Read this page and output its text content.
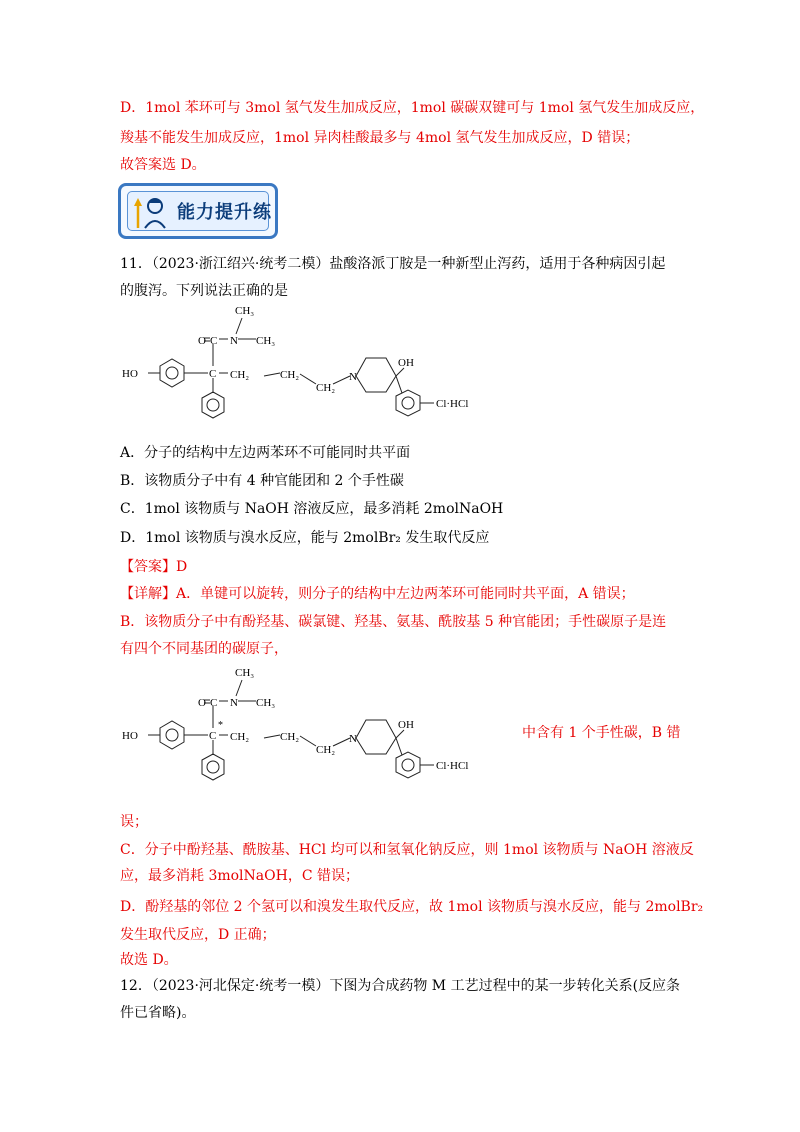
D．1mol 苯环可与 3mol 氢气发生加成反应，1mol 碳碳双键可与 1mol 氢气发生加成反应，
羧基不能发生加成反应，1mol 异肉桂酸最多与 4mol 氢气发生加成反应，D 错误；
故答案选 D。
能力提升练
11．（2023·浙江绍兴·统考二模）盐酸洛派丁胺是一种新型止泻药，适用于各种病因引起
的腹泻。下列说法正确的是
CH₃
O C N CH₃
HO	C CH₂	CH₂
CH₂
N
OH
Cl·HCl
A．分子的结构中左边两苯环不可能同时共平面
B．该物质分子中有 4 种官能团和 2 个手性碳
C．1mol 该物质与 NaOH 溶液反应，最多消耗 2molNaOH
D．1mol 该物质与溴水反应，能与 2molBr₂ 发生取代反应
【答案】D
【详解】A．单键可以旋转，则分子的结构中左边两苯环可能同时共平面，A 错误；
B．该物质分子中有酚羟基、碳氯键、羟基、氨基、酰胺基 5 种官能团；手性碳原子是连
有四个不同基团的碳原子，
CH₃
O C N CH₃
HO	C
*
CH₂	CH₂
CH₂
N
OH
Cl·HCl
中含有 1 个手性碳，B 错
误；
C．分子中酚羟基、酰胺基、HCl 均可以和氢氧化钠反应，则 1mol 该物质与 NaOH 溶液反
应，最多消耗 3molNaOH，C 错误；
D．酚羟基的邻位 2 个氢可以和溴发生取代反应，故 1mol 该物质与溴水反应，能与 2molBr₂
发生取代反应，D 正确；
故选 D。
12．（2023·河北保定·统考一模）下图为合成药物 M 工艺过程中的某一步转化关系(反应条
件已省略)。
